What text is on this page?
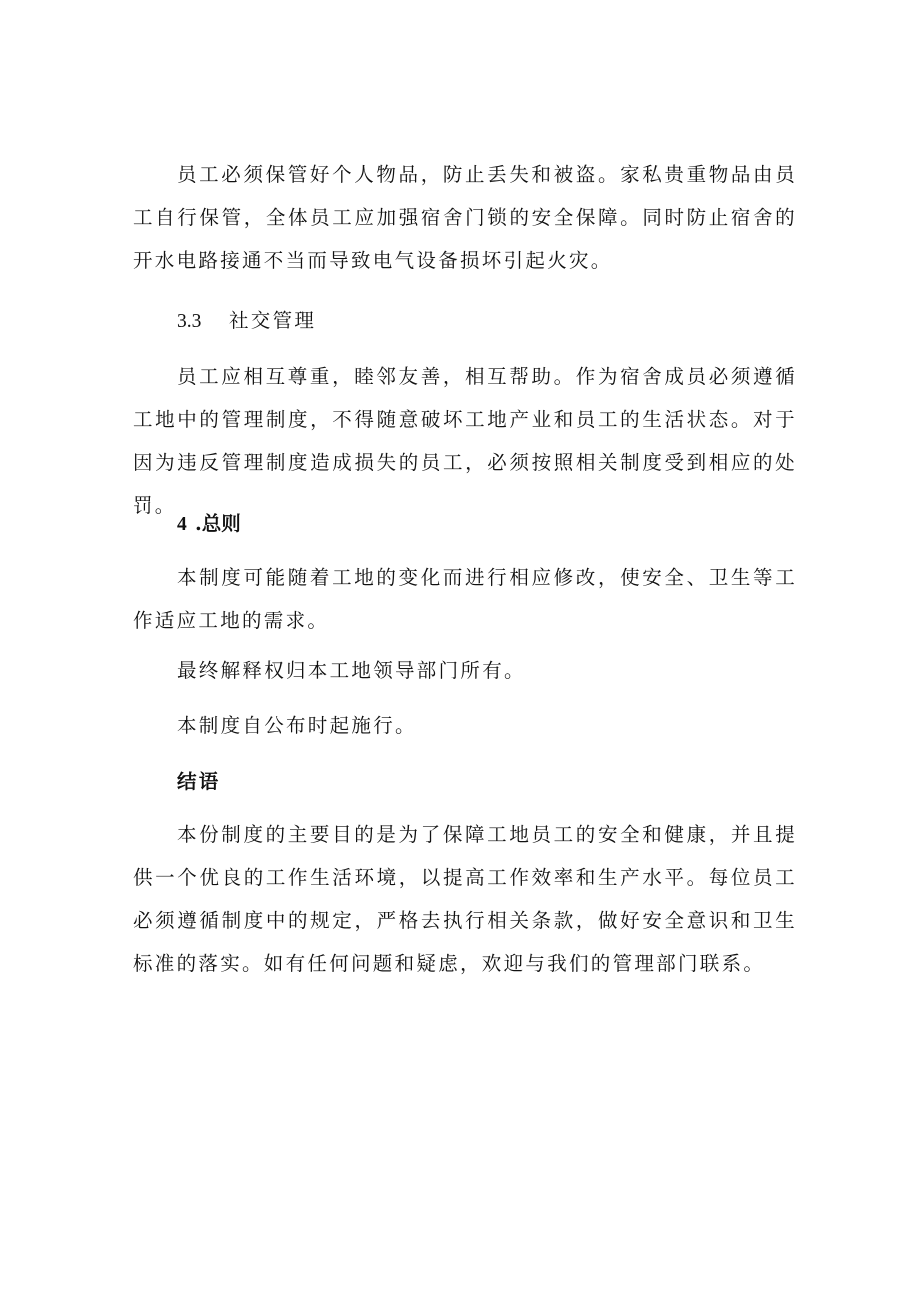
员工必须保管好个人物品，防止丢失和被盗。家私贵重物品由员工自行保管，全体员工应加强宿舍门锁的安全保障。同时防止宿舍的开水电路接通不当而导致电气设备损坏引起火灾。

3.3 社交管理

员工应相互尊重，睦邻友善，相互帮助。作为宿舍成员必须遵循工地中的管理制度，不得随意破坏工地产业和员工的生活状态。对于因为违反管理制度造成损失的员工，必须按照相关制度受到相应的处罚。

4 .总则

本制度可能随着工地的变化而进行相应修改，使安全、卫生等工作适应工地的需求。

最终解释权归本工地领导部门所有。

本制度自公布时起施行。

结语

本份制度的主要目的是为了保障工地员工的安全和健康，并且提供一个优良的工作生活环境，以提高工作效率和生产水平。每位员工必须遵循制度中的规定，严格去执行相关条款，做好安全意识和卫生标准的落实。如有任何问题和疑虑，欢迎与我们的管理部门联系。
